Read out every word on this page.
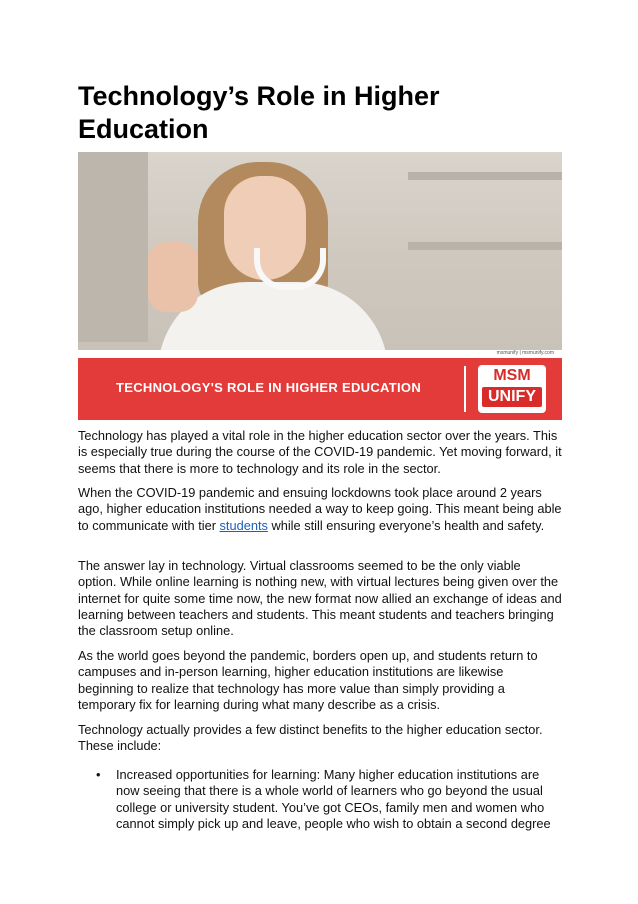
Technology’s Role in Higher Education
msmunify | msmunify.com
TECHNOLOGY'S ROLE IN HIGHER EDUCATION
MSM
UNIFY

Technology has played a vital role in the higher education sector over the years. This is especially true during the course of the COVID-19 pandemic. Yet moving forward, it seems that there is more to technology and its role in the sector.

When the COVID-19 pandemic and ensuing lockdowns took place around 2 years ago, higher education institutions needed a way to keep going. This meant being able to communicate with tier students while still ensuring everyone’s health and safety.

The answer lay in technology. Virtual classrooms seemed to be the only viable option. While online learning is nothing new, with virtual lectures being given over the internet for quite some time now, the new format now allied an exchange of ideas and learning between teachers and students. This meant students and teachers bringing the classroom setup online.

As the world goes beyond the pandemic, borders open up, and students return to campuses and in-person learning, higher education institutions are likewise beginning to realize that technology has more value than simply providing a temporary fix for learning during what many describe as a crisis.

Technology actually provides a few distinct benefits to the higher education sector. These include:

• Increased opportunities for learning: Many higher education institutions are now seeing that there is a whole world of learners who go beyond the usual college or university student. You’ve got CEOs, family men and women who cannot simply pick up and leave, people who wish to obtain a second degree
